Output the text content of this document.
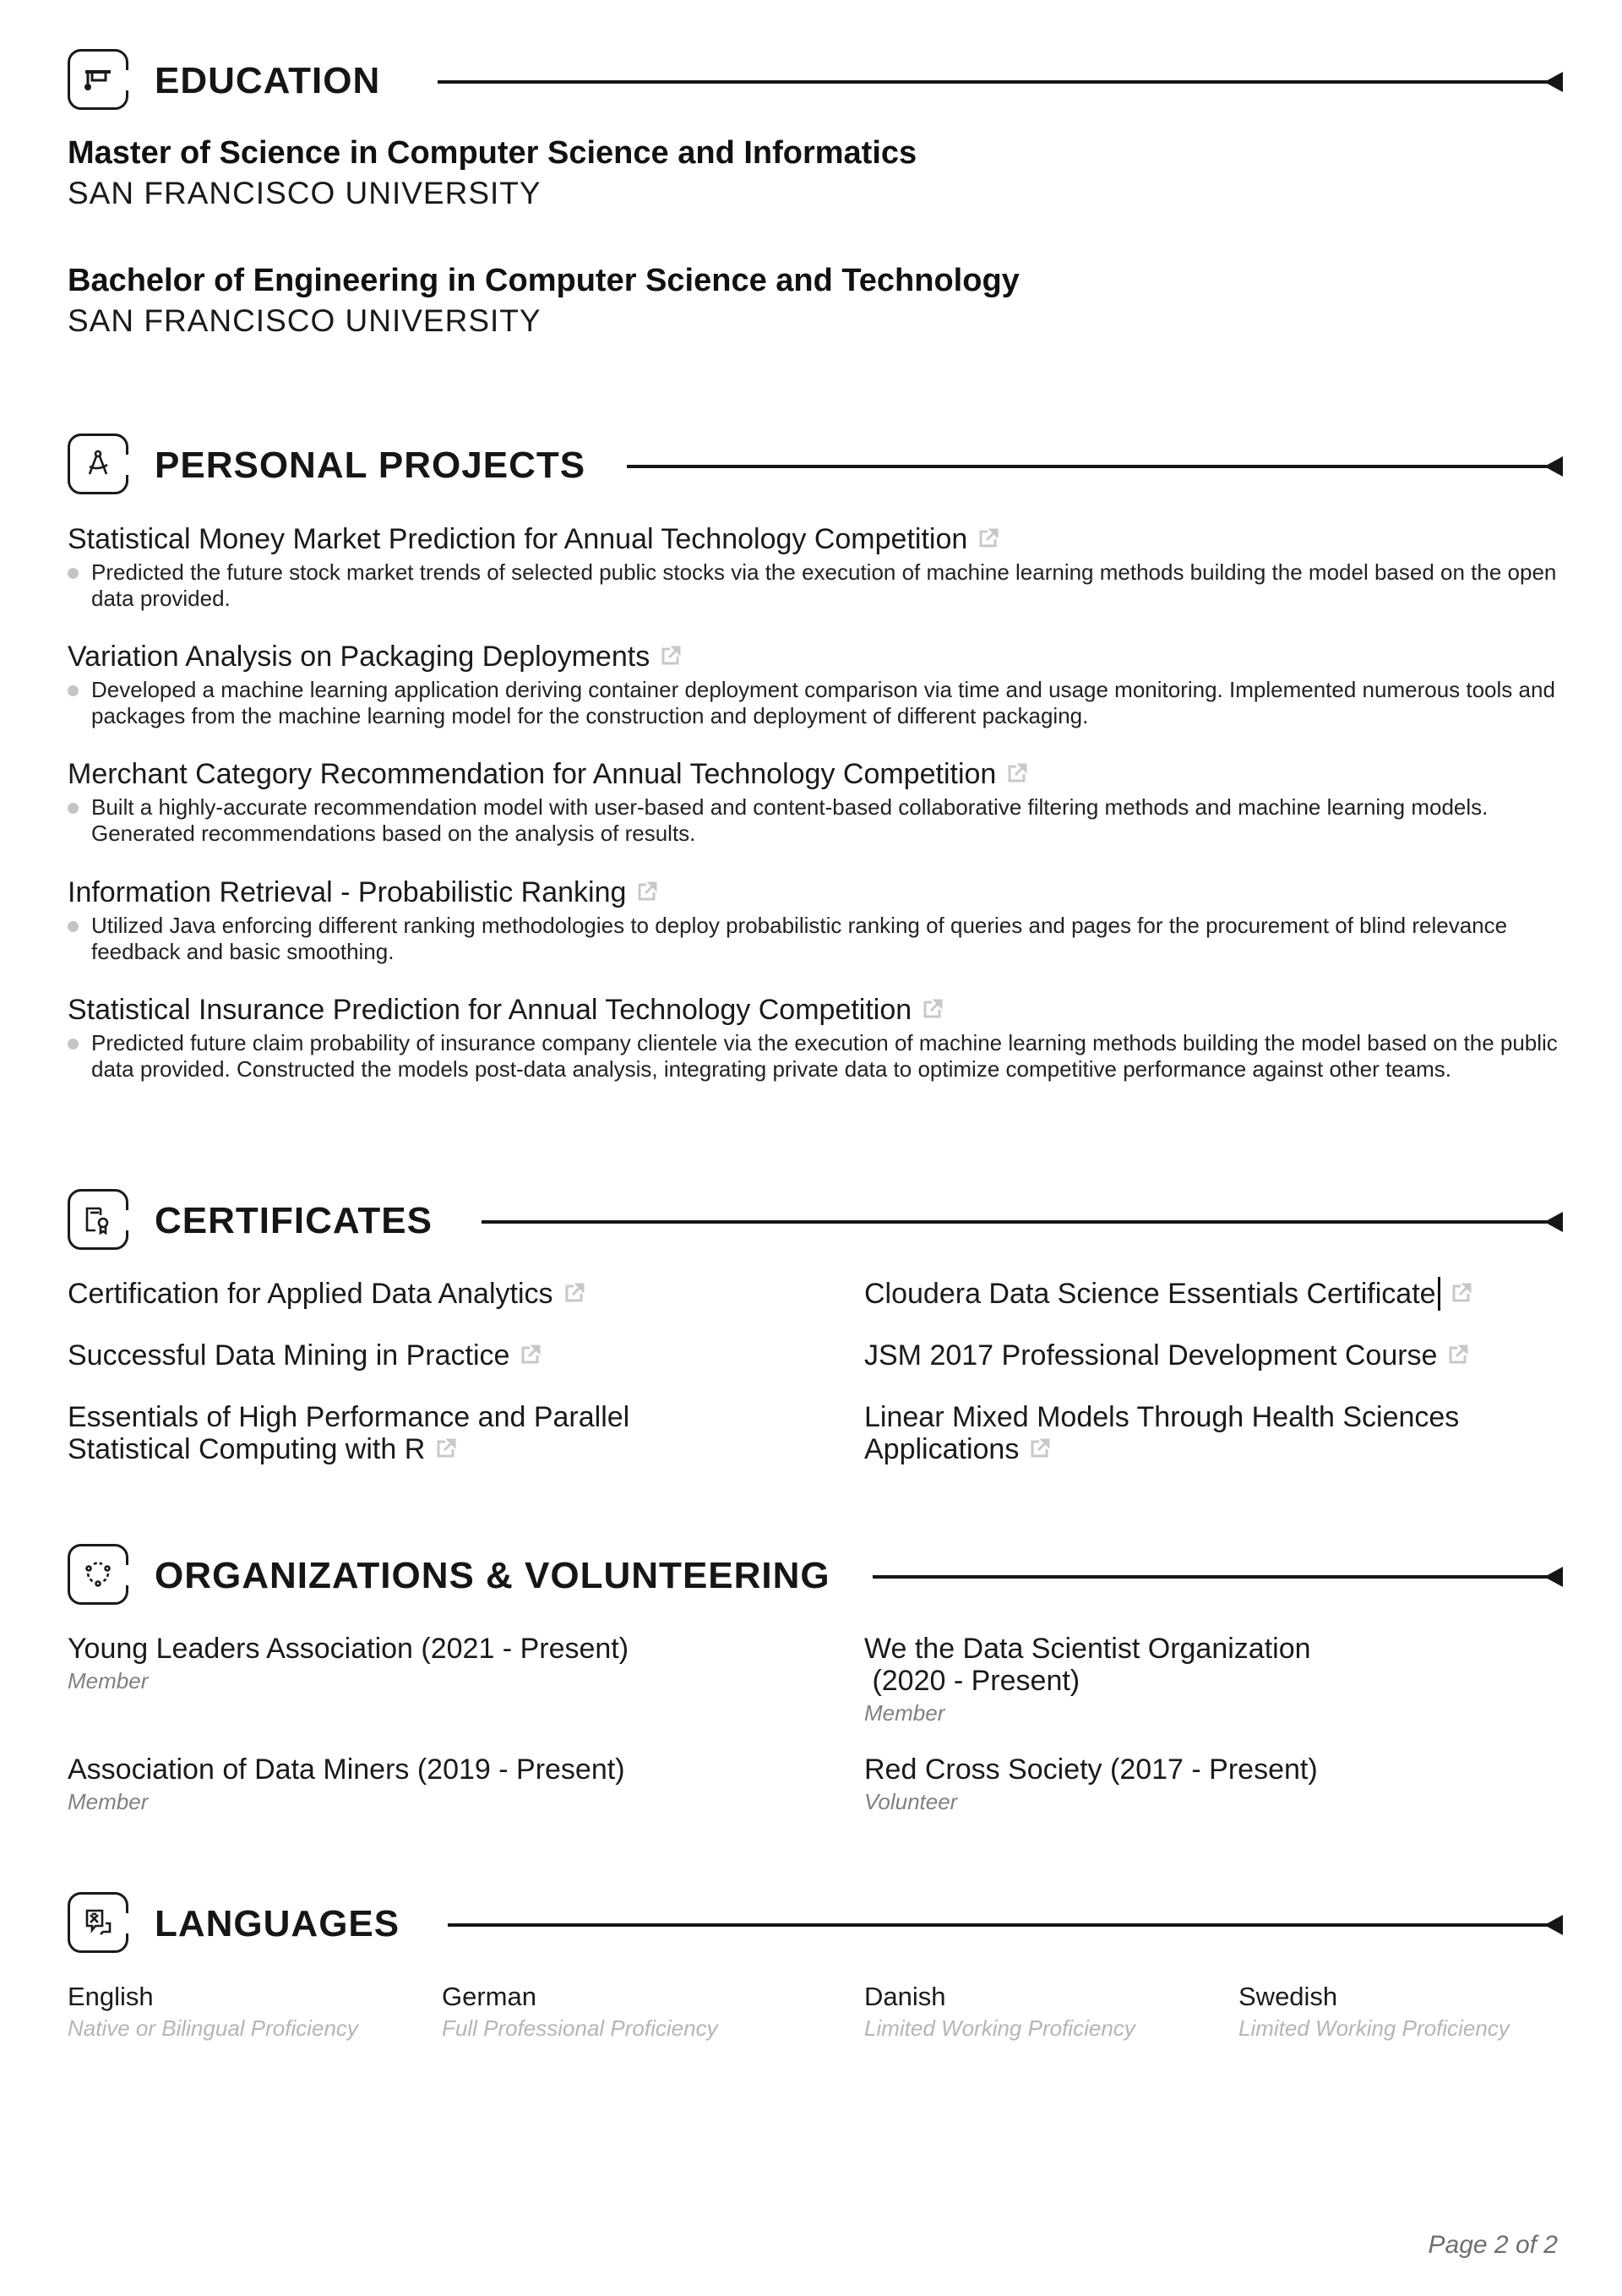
EDUCATION
Master of Science in Computer Science and Informatics
SAN FRANCISCO UNIVERSITY
Bachelor of Engineering in Computer Science and Technology
SAN FRANCISCO UNIVERSITY
PERSONAL PROJECTS
Statistical Money Market Prediction for Annual Technology Competition
Predicted the future stock market trends of selected public stocks via the execution of machine learning methods building the model based on the open data provided.
Variation Analysis on Packaging Deployments
Developed a machine learning application deriving container deployment comparison via time and usage monitoring. Implemented numerous tools and packages from the machine learning model for the construction and deployment of different packaging.
Merchant Category Recommendation for Annual Technology Competition
Built a highly-accurate recommendation model with user-based and content-based collaborative filtering methods and machine learning models. Generated recommendations based on the analysis of results.
Information Retrieval - Probabilistic Ranking
Utilized Java enforcing different ranking methodologies to deploy probabilistic ranking of queries and pages for the procurement of blind relevance feedback and basic smoothing.
Statistical Insurance Prediction for Annual Technology Competition
Predicted future claim probability of insurance company clientele via the execution of machine learning methods building the model based on the public data provided. Constructed the models post-data analysis, integrating private data to optimize competitive performance against other teams.
CERTIFICATES
Certification for Applied Data Analytics	Cloudera Data Science Essentials Certificate
Successful Data Mining in Practice	JSM 2017 Professional Development Course
Essentials of High Performance and Parallel
Statistical Computing with R
Linear Mixed Models Through Health Sciences
Applications
ORGANIZATIONS & VOLUNTEERING
Young Leaders Association (2021 - Present)
Member
We the Data Scientist Organization
(2020 - Present)
Member
Association of Data Miners (2019 - Present)
Member
Red Cross Society (2017 - Present)
Volunteer
LANGUAGES
English
Native or Bilingual Proficiency
German
Full Professional Proficiency
Danish
Limited Working Proficiency
Swedish
Limited Working Proficiency
Page 2 of 2
